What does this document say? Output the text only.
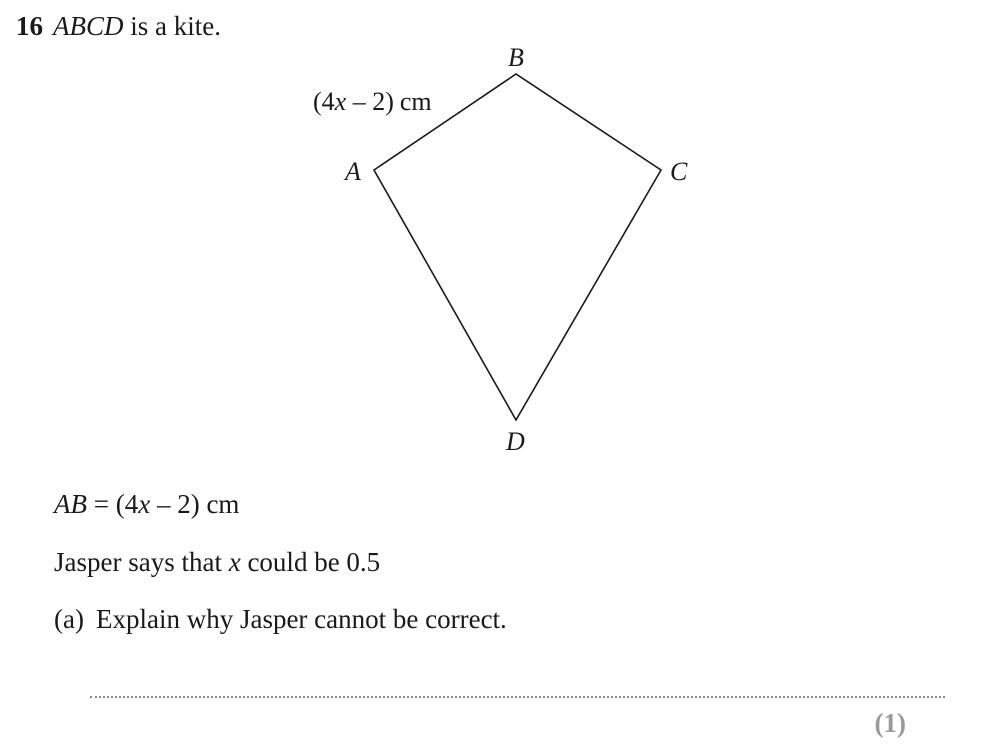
16 ABCD is a kite.
B
A	C
D
(4x – 2) cm
AB = (4x – 2) cm
Jasper says that x could be 0.5
(a) Explain why Jasper cannot be correct.
(1)
